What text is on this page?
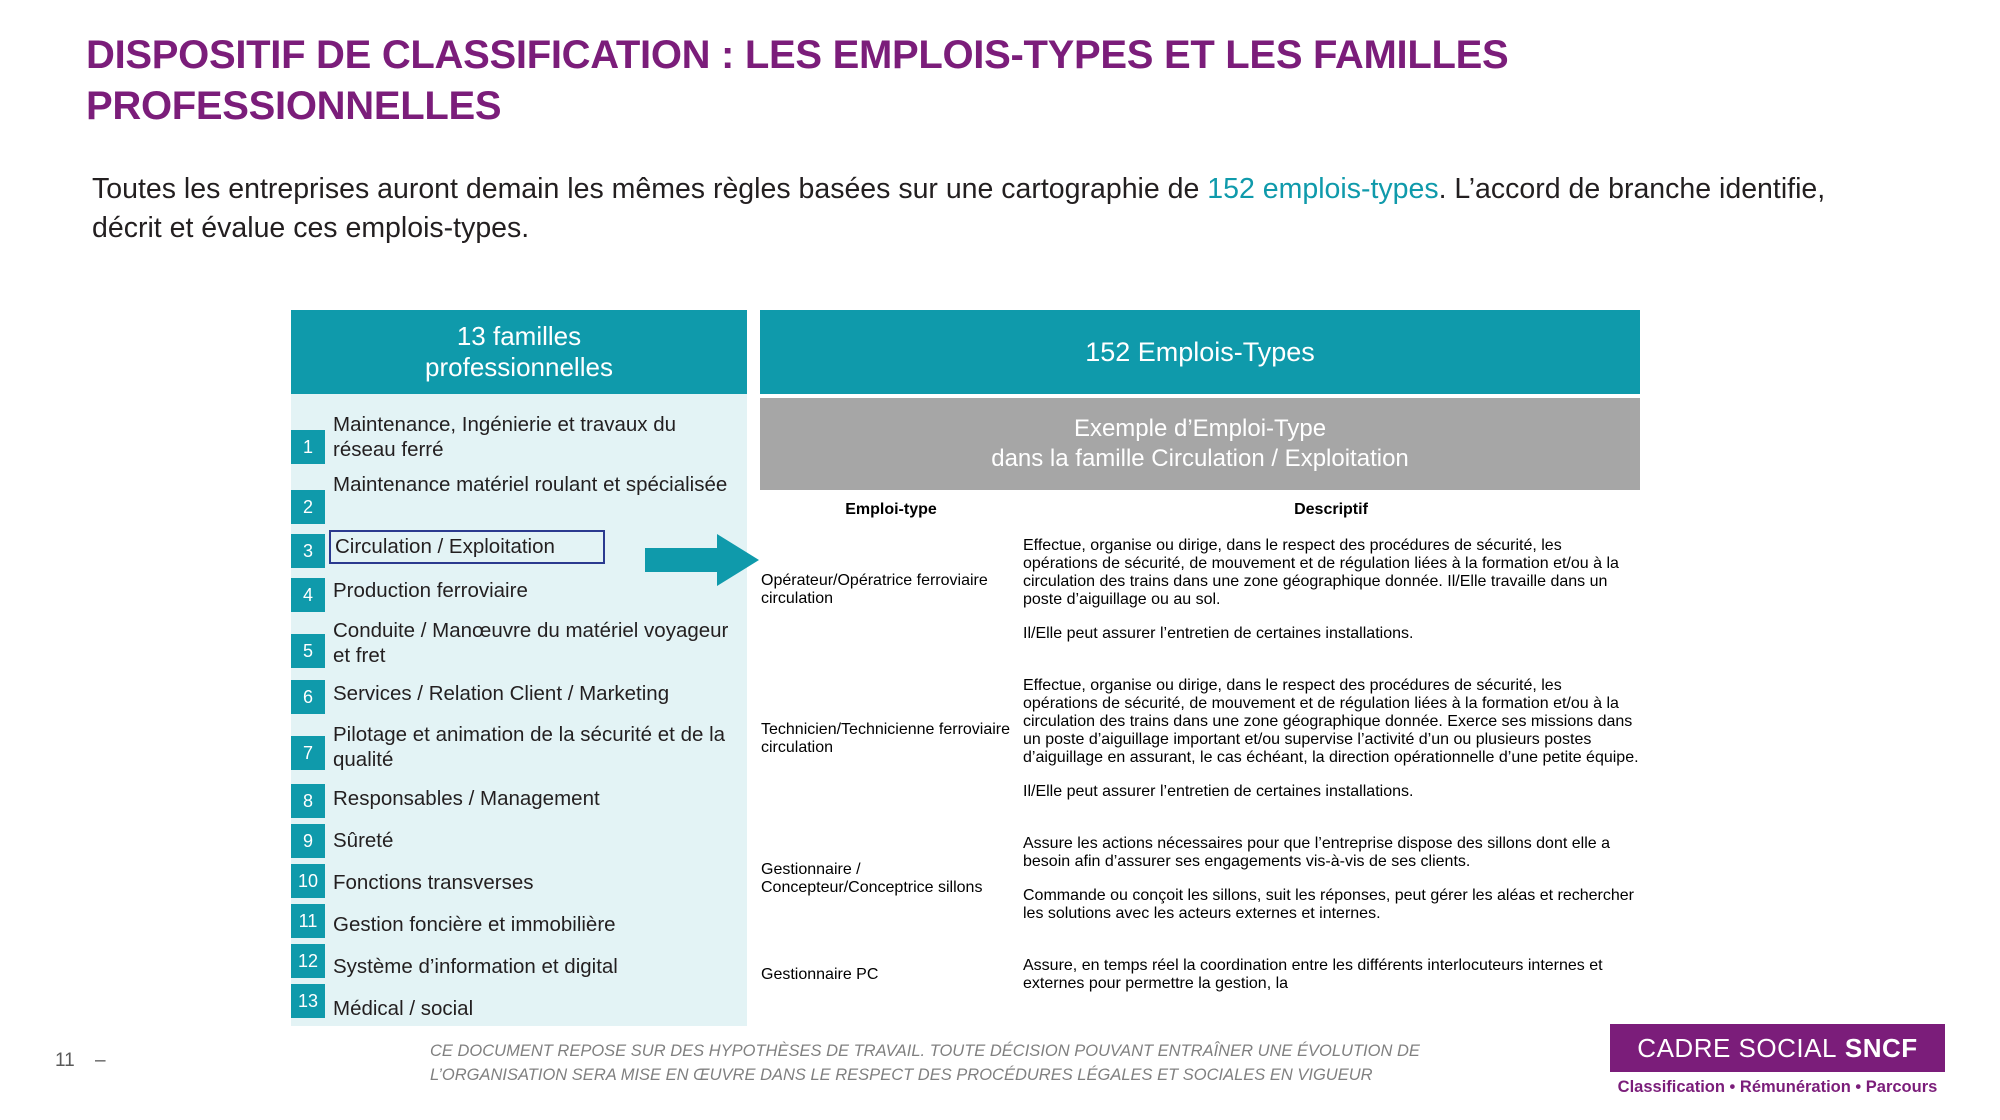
DISPOSITIF DE CLASSIFICATION : LES EMPLOIS-TYPES ET LES FAMILLES PROFESSIONNELLES
Toutes les entreprises auront demain les mêmes règles basées sur une cartographie de 152 emplois-types. L’accord de branche identifie, décrit et évalue ces emplois-types.
13 familles
professionnelles
1
Maintenance, Ingénierie et travaux du réseau ferré
2
Maintenance matériel roulant et spécialisée
3	Circulation / Exploitation
4 Production ferroviaire
5
Conduite / Manœuvre du matériel voyageur et fret
6 Services / Relation Client / Marketing
7
Pilotage et animation de la sécurité et de la qualité
8 Responsables / Management
9 Sûreté
10 Fonctions transverses
11 Gestion foncière et immobilière
12 Système d’information et digital
13 Médical / social
152 Emplois-Types
Exemple d’Emploi-Type
dans la famille Circulation / Exploitation
Emploi-type	Descriptif
Opérateur/Opératrice ferroviaire circulation	Effectue, organise ou dirige, dans le respect des procédures de sécurité, les opérations de sécurité, de mouvement et de régulation liées à la formation et/ou à la circulation des trains dans une zone géographique donnée. Il/Elle travaille dans un poste d’aiguillage ou au sol.

Il/Elle peut assurer l’entretien de certaines installations.

Technicien/Technicienne ferroviaire circulation	Effectue, organise ou dirige, dans le respect des procédures de sécurité, les opérations de sécurité, de mouvement et de régulation liées à la formation et/ou à la circulation des trains dans une zone géographique donnée. Exerce ses missions dans un poste d’aiguillage important et/ou supervise l’activité d’un ou plusieurs postes d’aiguillage en assurant, le cas échéant, la direction opérationnelle d’une petite équipe.

Il/Elle peut assurer l’entretien de certaines installations.

Gestionnaire / Concepteur/Conceptrice sillons	Assure les actions nécessaires pour que l’entreprise dispose des sillons dont elle a besoin afin d’assurer ses engagements vis-à-vis de ses clients.

Commande ou conçoit les sillons, suit les réponses, peut gérer les aléas et rechercher les solutions avec les acteurs externes et internes.

Gestionnaire PC	Assure, en temps réel la coordination entre les différents interlocuteurs internes et externes pour permettre la gestion, la

11 –	CE DOCUMENT REPOSE SUR DES HYPOTHÈSES DE TRAVAIL. TOUTE DÉCISION POUVANT ENTRAÎNER UNE ÉVOLUTION DE
L’ORGANISATION SERA MISE EN ŒUVRE DANS LE RESPECT DES PROCÉDURES LÉGALES ET SOCIALES EN VIGUEUR
CADRE SOCIAL SNCF
Classification • Rémunération • Parcours
